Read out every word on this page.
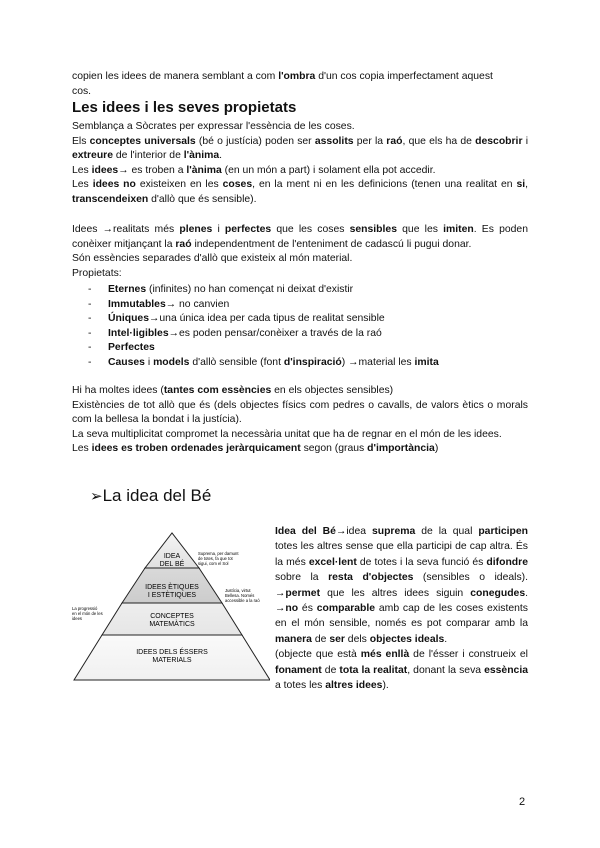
copien les idees de manera semblant a com l'ombra d'un cos copia imperfectament aquest

cos.

Les idees i les seves propietats

Semblança a Sòcrates per expressar l'essència de les coses.

Els conceptes universals (bé o justícia) poden ser assolits per la raó, que els ha de descobrir i extreure de l'interior de l'ànima.

Les idees→ es troben a l'ànima (en un món a part) i solament ella pot accedir.

Les idees no existeixen en les coses, en la ment ni en les definicions (tenen una realitat en si, transcendeixen d'allò que és sensible).

Idees →realitats més plenes i perfectes que les coses sensibles que les imiten. Es poden conèixer mitjançant la raó independentment de l'enteniment de cadascú li pugui donar.

Són essències separades d'allò que existeix al món material.

Propietats:

- Eternes (infinites) no han començat ni deixat d'existir
- Immutables→ no canvien
- Úniques→una única idea per cada tipus de realitat sensible
- Intel·ligibles→es poden pensar/conèixer a través de la raó
- Perfectes
- Causes i models d'allò sensible (font d'inspiració) →material les imita

Hi ha moltes idees (tantes com essències en els objectes sensibles)

Existències de tot allò que és (dels objectes físics com pedres o cavalls, de valors ètics o morals com la bellesa la bondat i la justícia).

La seva multiplicitat compromet la necessària unitat que ha de regnar en el món de les idees.

Les idees es troben ordenades jeràrquicament segon (graus d'importància)

➢La idea del Bé
IDEA
DEL BÉ
IDEES ÈTIQUES
I ESTÈTIQUES
CONCEPTES
MATEMÀTICS
IDEES DELS ÉSSERS
MATERIALS
Suprema, per damunt
de totes, fa que tot
sigui, com el Sol
Justícia, virtut
Bellesa. Només
accessible a la raó
La progressió
en el món de les
idees

Idea del Bé→idea suprema de la qual participen totes les altres sense que ella participi de cap altra. És la més excel·lent de totes i la seva funció és difondre sobre la resta d'objectes (sensibles o ideals). →permet que les altres idees siguin conegudes. →no és comparable amb cap de les coses existents en el món sensible, només es pot comparar amb la manera de ser dels objectes ideals.

(objecte que està més enllà de l'ésser i construeix el fonament de tota la realitat, donant la seva essència a totes les altres idees).

2
